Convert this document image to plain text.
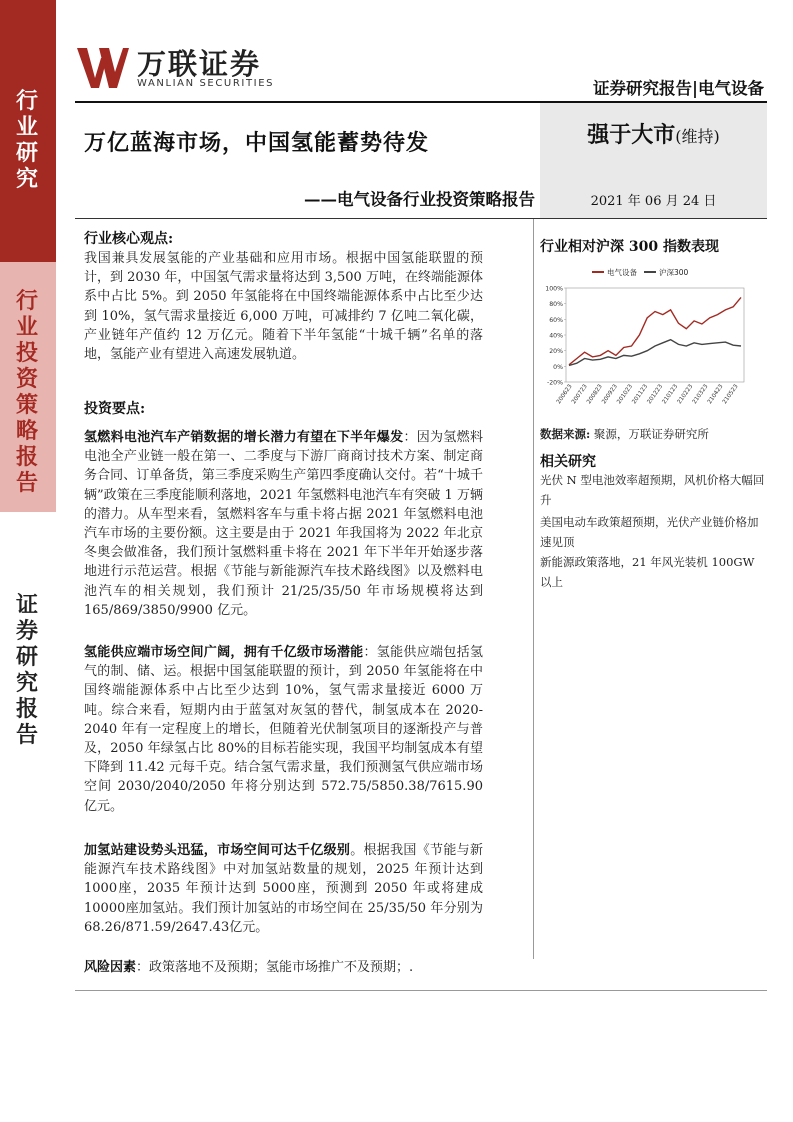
行
业
研
究
行
业
投
资
策
略
报
告
证
券
研
究
报
告
万联证券
WANLIAN SECURITIES	证券研究报告|电气设备
强于大市(维持)
2021 年 06 月 24 日
万亿蓝海市场，中国氢能蓄势待发
——电气设备行业投资策略报告
行业核心观点:
我国兼具发展氢能的产业基础和应用市场。根据中国氢能联盟的预计，到 2030 年，中国氢气需求量将达到 3,500 万吨，在终端能源体系中占比 5%。到 2050 年氢能将在中国终端能源体系中占比至少达到 10%，氢气需求量接近 6,000 万吨，可减排约 7 亿吨二氧化碳，产业链年产值约 12 万亿元。随着下半年氢能“十城千辆”名单的落地，氢能产业有望进入高速发展轨道。
投资要点:
氢燃料电池汽车产销数据的增长潜力有望在下半年爆发：因为氢燃料电池全产业链一般在第一、二季度与下游厂商商讨技术方案、制定商务合同、订单备货，第三季度采购生产第四季度确认交付。若“十城千辆”政策在三季度能顺利落地，2021 年氢燃料电池汽车有突破 1 万辆的潜力。从车型来看，氢燃料客车与重卡将占据 2021 年氢燃料电池汽车市场的主要份额。这主要是由于 2021 年我国将为 2022 年北京冬奥会做准备，我们预计氢燃料重卡将在 2021 年下半年开始逐步落地进行示范运营。根据《节能与新能源汽车技术路线图》以及燃料电池汽车的相关规划，我们预计 21/25/35/50 年市场规模将达到 165/869/3850/9900 亿元。
氢能供应端市场空间广阔，拥有千亿级市场潜能：氢能供应端包括氢气的制、储、运。根据中国氢能联盟的预计，到 2050 年氢能将在中国终端能源体系中占比至少达到 10%，氢气需求量接近 6000 万吨。综合来看，短期内由于蓝氢对灰氢的替代，制氢成本在 2020-2040 年有一定程度上的增长，但随着光伏制氢项目的逐渐投产与普及，2050 年绿氢占比 80%的目标若能实现，我国平均制氢成本有望下降到 11.42 元每千克。结合氢气需求量，我们预测氢气供应端市场空间 2030/2040/2050 年将分别达到 572.75/5850.38/7615.90 亿元。
加氢站建设势头迅猛，市场空间可达千亿级别。根据我国《节能与新能源汽车技术路线图》中对加氢站数量的规划，2025 年预计达到 1000座，2035 年预计达到 5000座，预测到 2050 年或将建成 10000座加氢站。我们预计加氢站的市场空间在 25/35/50 年分别为 68.26/871.59/2647.43亿元。
风险因素：政策落地不及预期；氢能市场推广不及预期；.
行业相对沪深 300 指数表现
电气设备	沪深300
100%
80%
60%
40%
20%
0%
-20%
200623
200723
200823
200923
201023
201123
201223
210123
210223
210323
210423
210523
数据来源: 聚源，万联证券研究所
相关研究
光伏 N 型电池效率超预期，风机价格大幅回升
美国电动车政策超预期，光伏产业链价格加速见顶
新能源政策落地，21 年风光装机 100GW 以上
